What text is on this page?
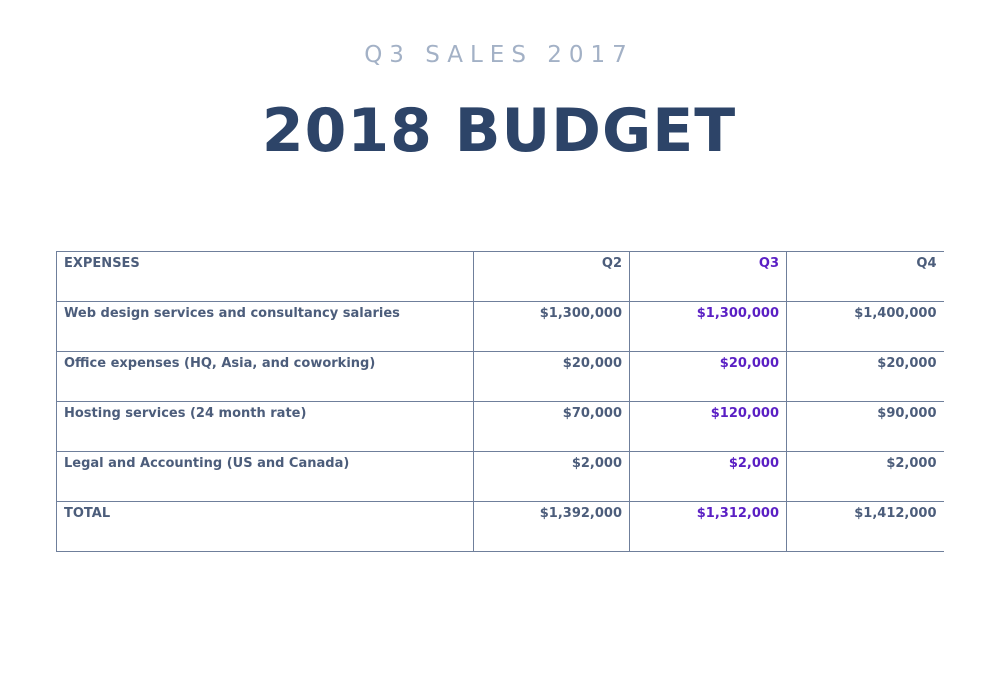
Q3 SALES 2017
2018 BUDGET
EXPENSES	Q2	Q3	Q4
Web design services and consultancy salaries	$1,300,000	$1,300,000	$1,400,000
Office expenses (HQ, Asia, and coworking)	$20,000	$20,000	$20,000
Hosting services (24 month rate)	$70,000	$120,000	$90,000
Legal and Accounting (US and Canada)	$2,000	$2,000	$2,000
TOTAL	$1,392,000	$1,312,000	$1,412,000
